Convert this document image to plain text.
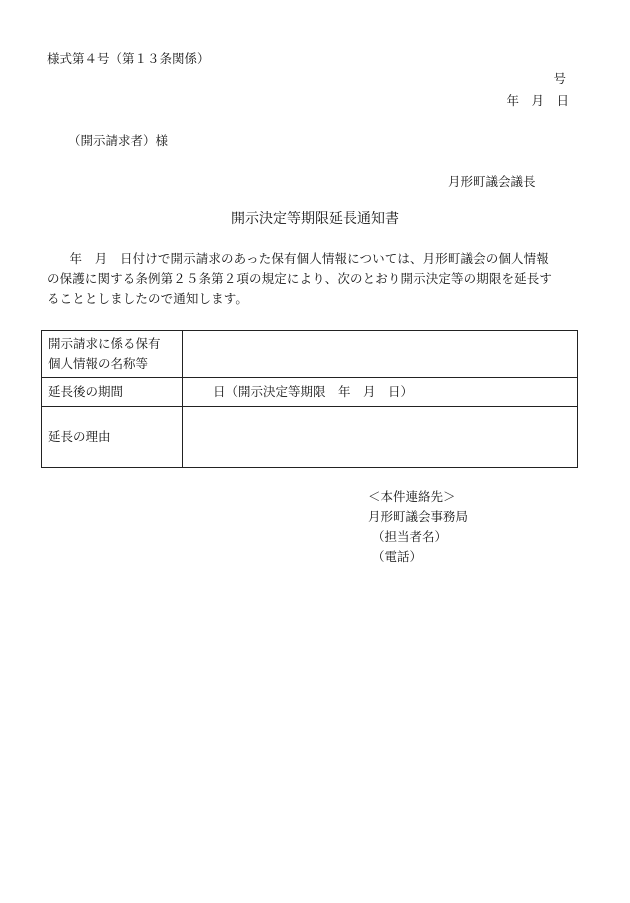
様式第４号（第１３条関係）
号
年　月　日
（開示請求者）様
月形町議会議長
開示決定等期限延長通知書

年　月　日付けで開示請求のあった保有個人情報については、月形町議会の個人情報
の保護に関する条例第２５条第２項の規定により、次のとおり開示決定等の期限を延長す
ることとしましたので通知します。

開示請求に係る保有
個人情報の名称等	
延長後の期間	日（開示決定等期限　年　月　日）
延長の理由	
＜本件連絡先＞
月形町議会事務局
（担当者名）
（電話）
